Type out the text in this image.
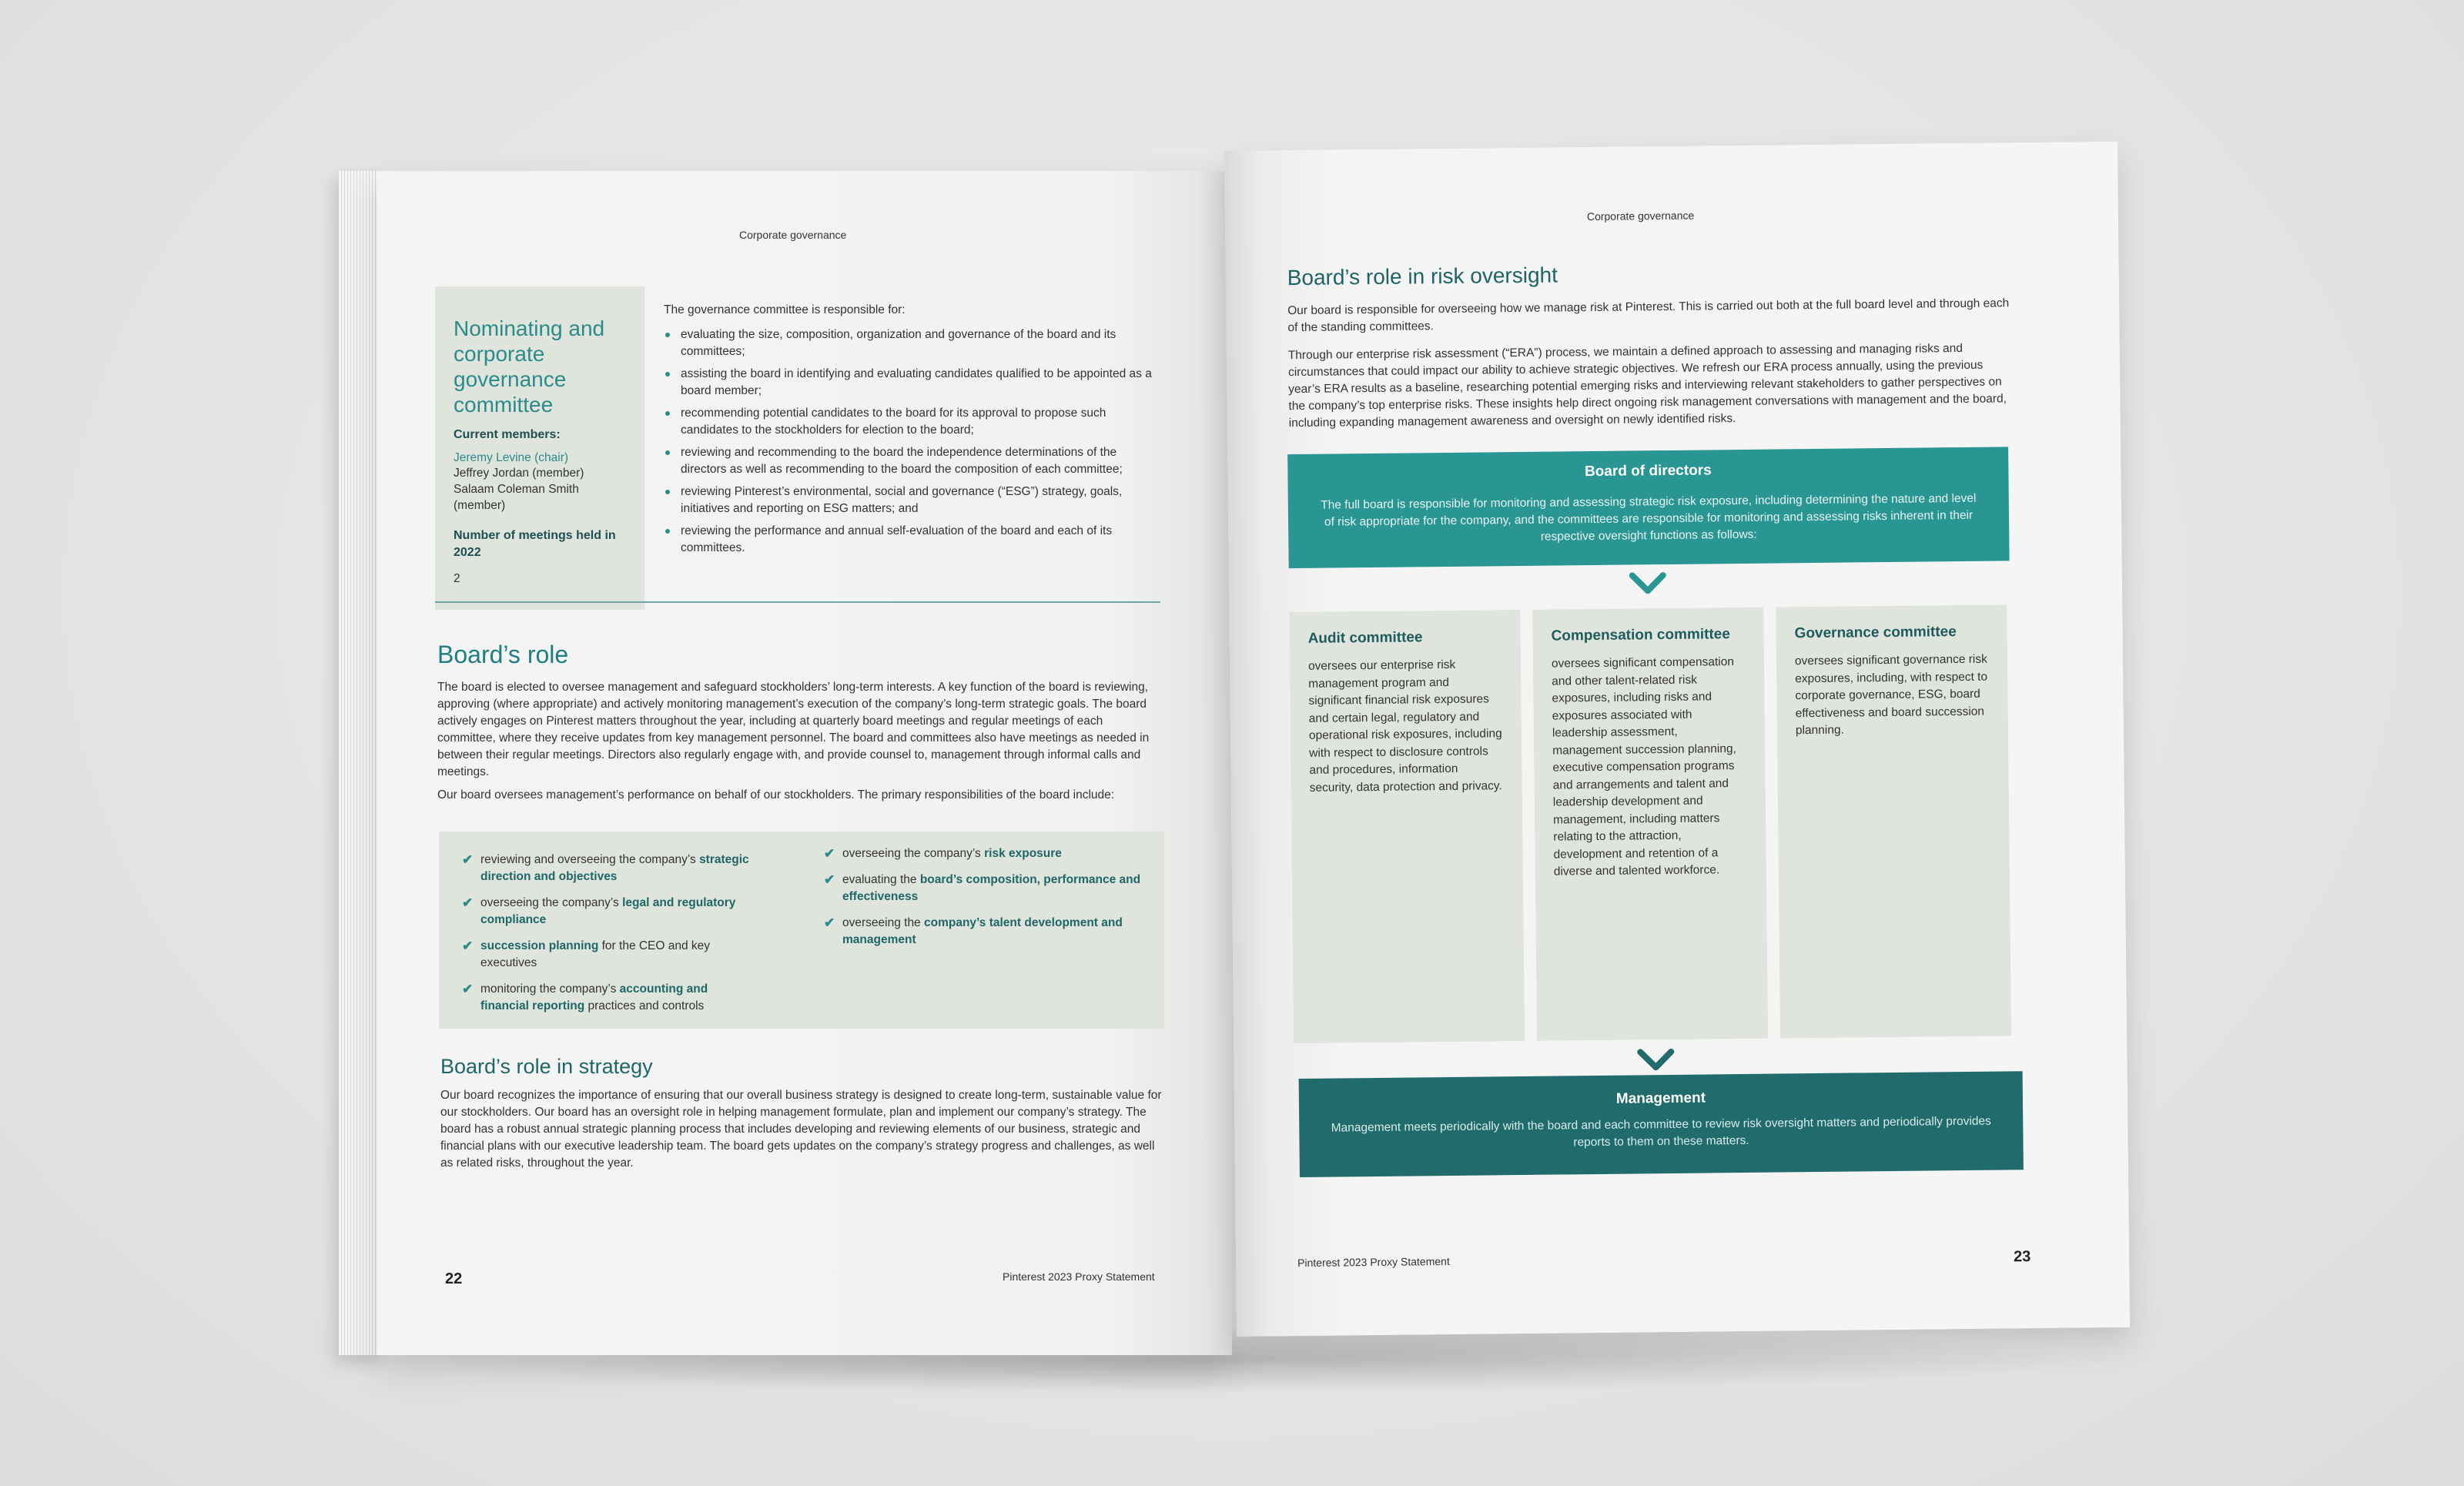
Corporate governance
Nominating and corporate governance committee
Current members:
Jeremy Levine (chair)
Jeffrey Jordan (member)
Salaam Coleman Smith (member)
Number of meetings held in 2022
2
The governance committee is responsible for:
evaluating the size, composition, organization and governance of the board and its committees;
assisting the board in identifying and evaluating candidates qualified to be appointed as a board member;
recommending potential candidates to the board for its approval to propose such candidates to the stockholders for election to the board;
reviewing and recommending to the board the independence determinations of the directors as well as recommending to the board the composition of each committee;
reviewing Pinterest’s environmental, social and governance (“ESG”) strategy, goals, initiatives and reporting on ESG matters; and
reviewing the performance and annual self-evaluation of the board and each of its committees.
Board’s role
The board is elected to oversee management and safeguard stockholders’ long-term interests. A key function of the board is reviewing, approving (where appropriate) and actively monitoring management’s execution of the company’s long-term strategic goals. The board actively engages on Pinterest matters throughout the year, including at quarterly board meetings and regular meetings of each committee, where they receive updates from key management personnel. The board and committees also have meetings as needed in between their regular meetings. Directors also regularly engage with, and provide counsel to, management through informal calls and meetings.
Our board oversees management’s performance on behalf of our stockholders. The primary responsibilities of the board include:
✔ reviewing and overseeing the company’s strategic direction and objectives
✔ overseeing the company’s legal and regulatory compliance
✔ succession planning for the CEO and key executives
✔ monitoring the company’s accounting and financial reporting practices and controls
✔ overseeing the company’s risk exposure
✔ evaluating the board’s composition, performance and effectiveness
✔ overseeing the company’s talent development and management
Board’s role in strategy
Our board recognizes the importance of ensuring that our overall business strategy is designed to create long-term, sustainable value for our stockholders. Our board has an oversight role in helping management formulate, plan and implement our company’s strategy. The board has a robust annual strategic planning process that includes developing and reviewing elements of our business, strategic and financial plans with our executive leadership team. The board gets updates on the company’s strategy progress and challenges, as well as related risks, throughout the year.
22	Pinterest 2023 Proxy Statement
Corporate governance
Board’s role in risk oversight
Our board is responsible for overseeing how we manage risk at Pinterest. This is carried out both at the full board level and through each of the standing committees.
Through our enterprise risk assessment (“ERA”) process, we maintain a defined approach to assessing and managing risks and circumstances that could impact our ability to achieve strategic objectives. We refresh our ERA process annually, using the previous year’s ERA results as a baseline, researching potential emerging risks and interviewing relevant stakeholders to gather perspectives on the company’s top enterprise risks. These insights help direct ongoing risk management conversations with management and the board, including expanding management awareness and oversight on newly identified risks.
Board of directors
The full board is responsible for monitoring and assessing strategic risk exposure, including determining the nature and level of risk appropriate for the company, and the committees are responsible for monitoring and assessing risks inherent in their respective oversight functions as follows:
Audit committee
oversees our enterprise risk management program and significant financial risk exposures and certain legal, regulatory and operational risk exposures, including with respect to disclosure controls and procedures, information security, data protection and privacy.
Compensation committee
oversees significant compensation and other talent-related risk exposures, including risks and exposures associated with leadership assessment, management succession planning, executive compensation programs and arrangements and talent and leadership development and management, including matters relating to the attraction, development and retention of a diverse and talented workforce.
Governance committee
oversees significant governance risk exposures, including, with respect to corporate governance, ESG, board effectiveness and board succession planning.
Management
Management meets periodically with the board and each committee to review risk oversight matters and periodically provides reports to them on these matters.
Pinterest 2023 Proxy Statement	23
